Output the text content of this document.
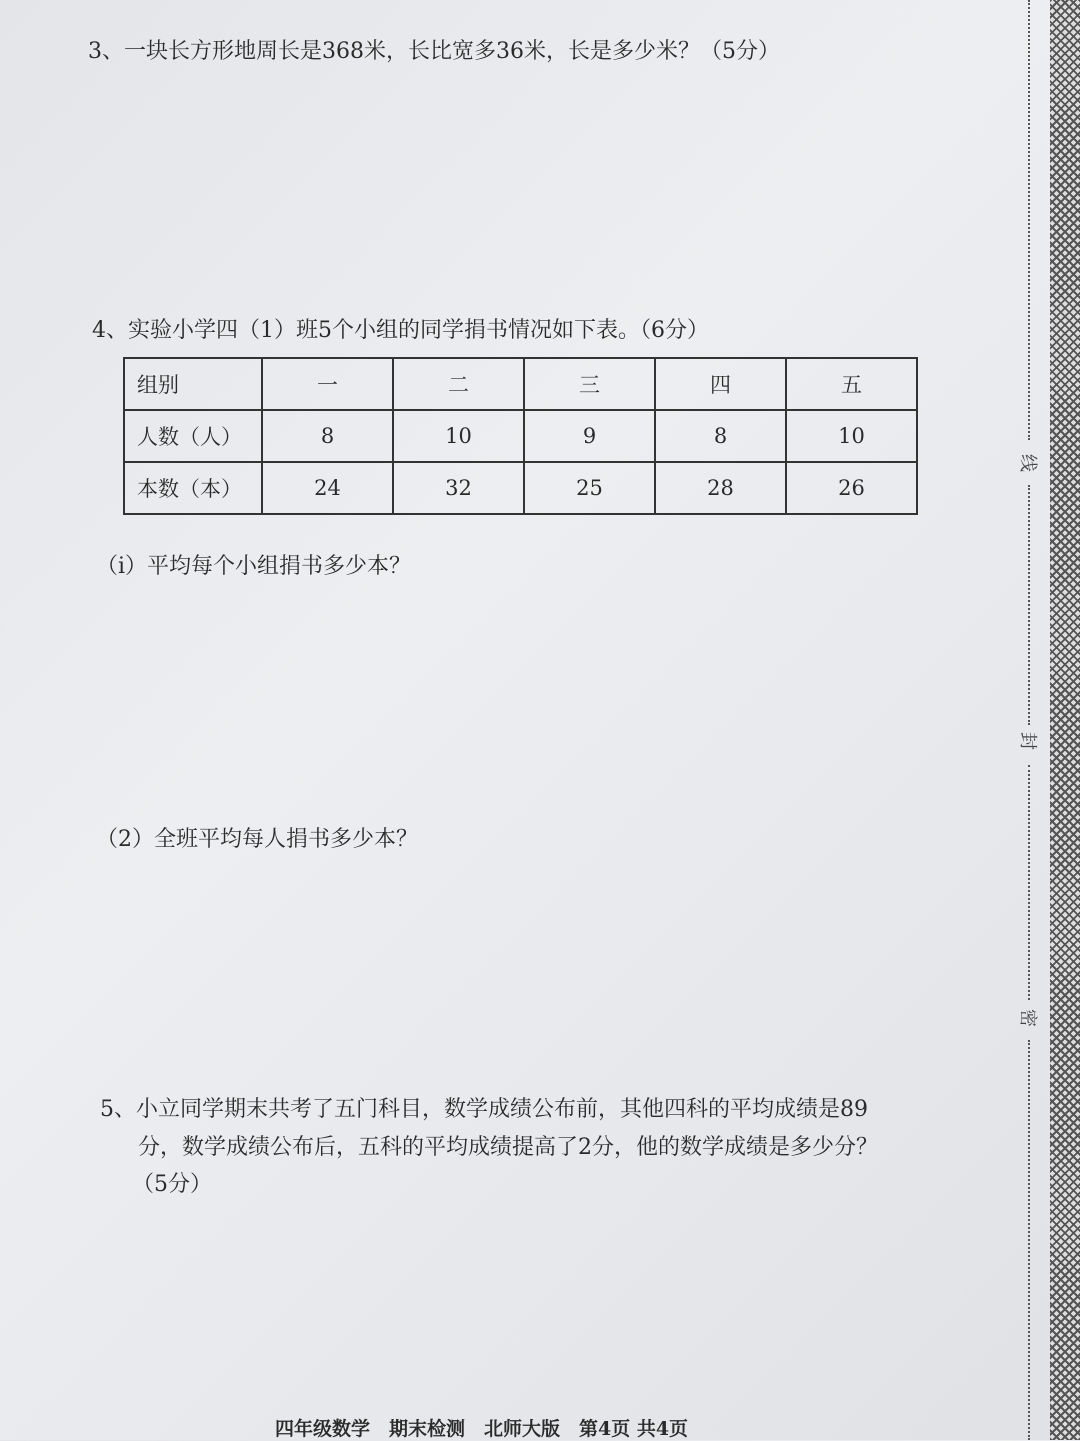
3、一块长方形地周长是368米，长比宽多36米，长是多少米？（5分）
4、实验小学四（1）班5个小组的同学捐书情况如下表。（6分）
组别	一	二	三	四	五
人数（人）	8	10	9	8	10
本数（本）	24	32	25	28	26
（i）平均每个小组捐书多少本？
（2）全班平均每人捐书多少本？
5、小立同学期末共考了五门科目，数学成绩公布前，其他四科的平均成绩是89
分，数学成绩公布后，五科的平均成绩提高了2分，他的数学成绩是多少分？
（5分）
四年级数学　期末检测　北师大版　第4页 共4页
线
封
密
